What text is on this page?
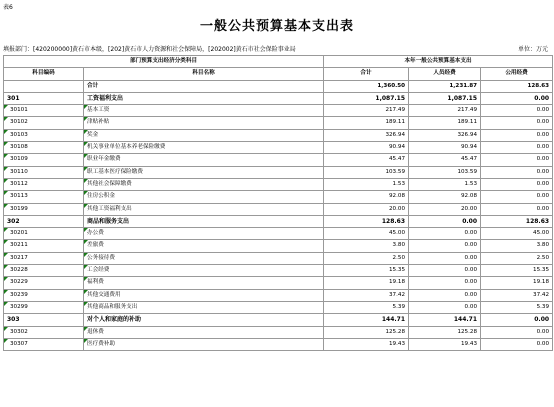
表6
一般公共预算基本支出表
填报部门：[420200000]黄石市本级，[202]黄石市人力资源和社会保障局，[202002]黄石市社会保险事业局	单位：万元
部门预算支出经济分类科目		本年一般公共预算基本支出		
科目编码	科目名称	合计	人员经费	公用经费
	合计	1,360.50	1,231.87	128.63
301	工资福利支出	1,087.15	1,087.15	0.00
30101	基本工资	217.49	217.49	0.00
30102	津贴补贴	189.11	189.11	0.00
30103	奖金	326.94	326.94	0.00
30108	机关事业单位基本养老保险缴费	90.94	90.94	0.00
30109	职业年金缴费	45.47	45.47	0.00
30110	职工基本医疗保险缴费	103.59	103.59	0.00
30112	其他社会保障缴费	1.53	1.53	0.00
30113	住房公积金	92.08	92.08	0.00
30199	其他工资福利支出	20.00	20.00	0.00
302	商品和服务支出	128.63	0.00	128.63
30201	办公费	45.00	0.00	45.00
30211	差旅费	3.80	0.00	3.80
30217	公务接待费	2.50	0.00	2.50
30228	工会经费	15.35	0.00	15.35
30229	福利费	19.18	0.00	19.18
30239	其他交通费用	37.42	0.00	37.42
30299	其他商品和服务支出	5.39	0.00	5.39
303	对个人和家庭的补助	144.71	144.71	0.00
30302	退休费	125.28	125.28	0.00
30307	医疗费补助	19.43	19.43	0.00
